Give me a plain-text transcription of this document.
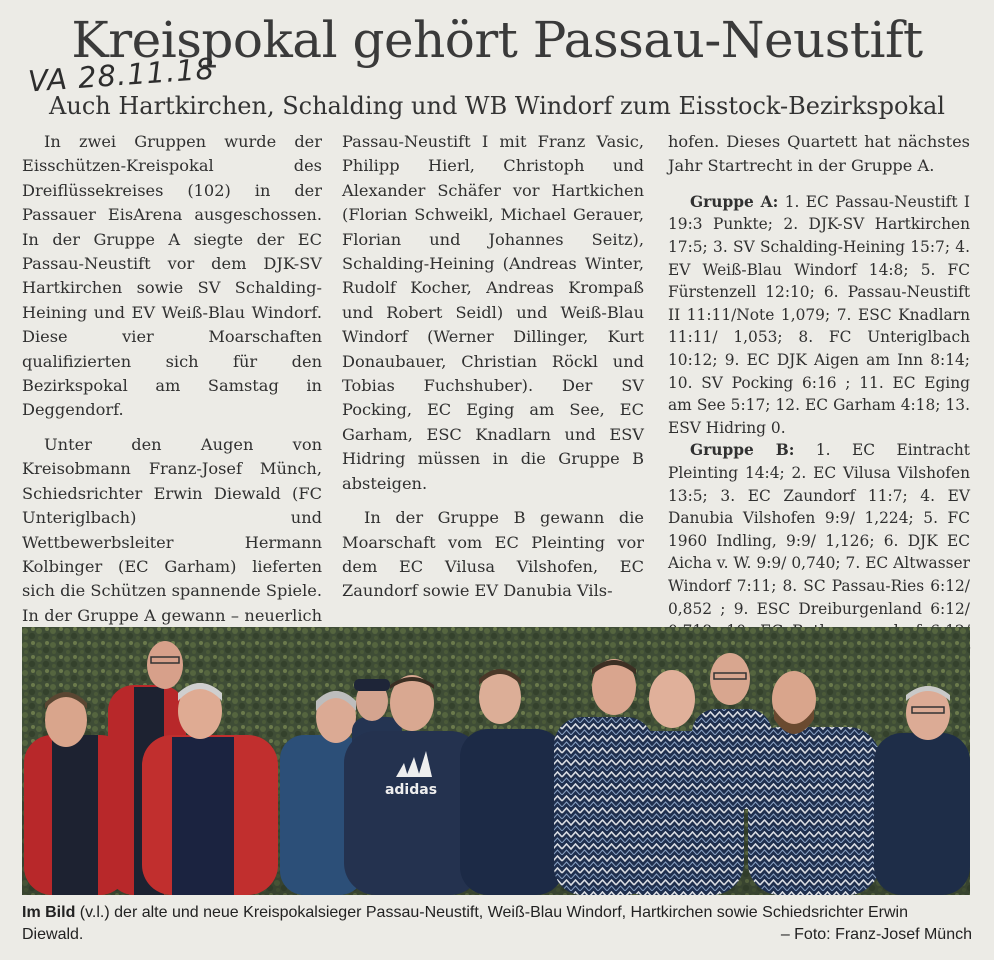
Kreispokal gehört Passau-Neustift
VA 28.11.18
Auch Hartkirchen, Schalding und WB Windorf zum Eisstock-Bezirkspokal

In zwei Gruppen wurde der Eisschützen-Kreispokal des Dreiflüssekreises (102) in der Passauer EisArena ausgeschossen. In der Gruppe A siegte der EC Passau-Neustift vor dem DJK-SV Hartkirchen sowie SV Schalding-Heining und EV Weiß-Blau Windorf. Diese vier Moarschaften qualifizierten sich für den Bezirkspokal am Samstag in Deggendorf.

Unter den Augen von Kreisobmann Franz-Josef Münch, Schiedsrichter Erwin Diewald (FC Unteriglbach) und Wettbewerbsleiter Hermann Kolbinger (EC Garham) lieferten sich die Schützen spannende Spiele. In der Gruppe A gewann – neuerlich

Passau-Neustift I mit Franz Vasic, Philipp Hierl, Christoph und Alexander Schäfer vor Hartkichen (Florian Schweikl, Michael Gerauer, Florian und Johannes Seitz), Schalding-Heining (Andreas Winter, Rudolf Kocher, Andreas Krompaß und Robert Seidl) und Weiß-Blau Windorf (Werner Dillinger, Kurt Donaubauer, Christian Röckl und Tobias Fuchshuber). Der SV Pocking, EC Eging am See, EC Garham, ESC Knadlarn und ESV Hidring müssen in die Gruppe B absteigen.

In der Gruppe B gewann die Moarschaft vom EC Pleinting vor dem EC Vilusa Vilshofen, EC Zaundorf sowie EV Danubia Vils-

hofen. Dieses Quartett hat nächstes Jahr Startrecht in der Gruppe A.

Gruppe A: 1. EC Passau-Neustift I 19:3 Punkte; 2. DJK-SV Hartkirchen 17:5; 3. SV Schalding-Heining 15:7; 4. EV Weiß-Blau Windorf 14:8; 5. FC Fürstenzell 12:10; 6. Passau-Neustift II 11:11/Note 1,079; 7. ESC Knadlarn 11:11/ 1,053; 8. FC Unteriglbach 10:12; 9. EC DJK Aigen am Inn 8:14; 10. SV Pocking 6:16 ; 11. EC Eging am See 5:17; 12. EC Garham 4:18; 13. ESV Hidring 0.

Gruppe B: 1. EC Eintracht Pleinting 14:4; 2. EC Vilusa Vilshofen 13:5; 3. EC Zaundorf 11:7; 4. EV Danubia Vilshofen 9:9/ 1,224; 5. FC 1960 Indling, 9:9/ 1,126; 6. DJK EC Aicha v. W. 9:9/ 0,740; 7. EC Altwasser Windorf 7:11; 8. SC Passau-Ries 6:12/ 0,852 ; 9. ESC Dreiburgenland 6:12/

adidas
Im Bild (v.l.) der alte und neue Kreispokalsieger Passau-Neustift, Weiß-Blau Windorf, Hartkirchen sowie Schiedsrichter Erwin Diewald.	– Foto: Franz-Josef Münch
